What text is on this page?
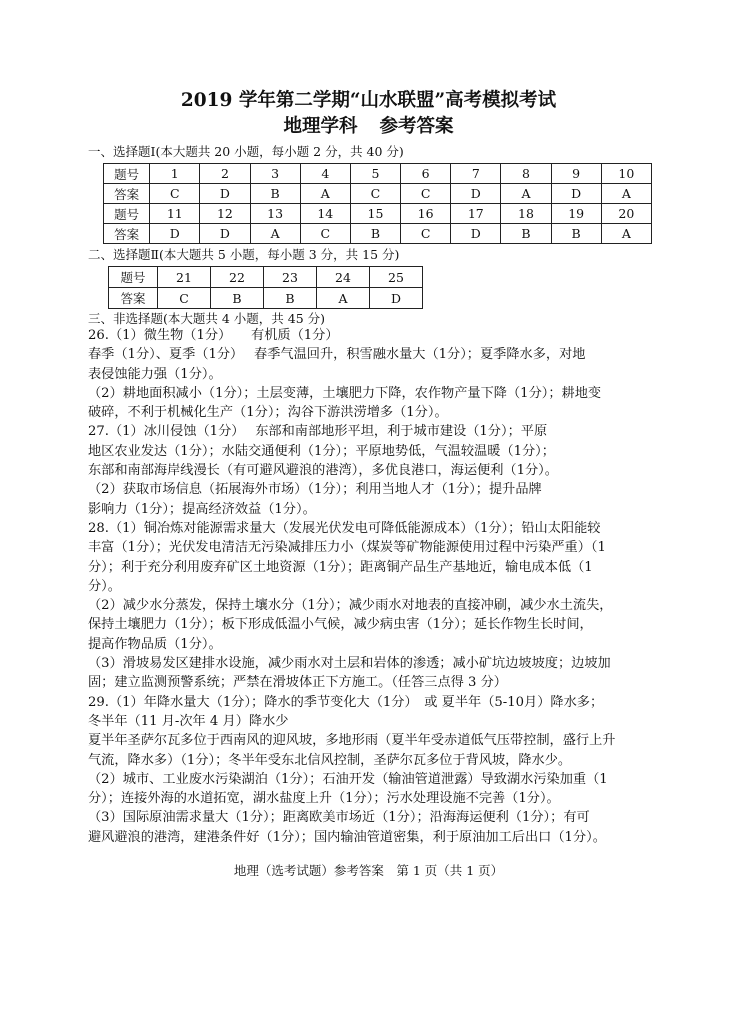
2019 学年第二学期“山水联盟”高考模拟考试
地理学科 参考答案
一、选择题Ⅰ(本大题共 20 小题，每小题 2 分，共 40 分)
题号	1	2	3	4	5	6	7	8	9	10
答案	C	D	B	A	C	C	D	A	D	A
题号	11	12	13	14	15	16	17	18	19	20
答案	D	D	A	C	B	C	D	B	B	A
二、选择题Ⅱ(本大题共 5 小题，每小题 3 分，共 15 分)
题号	21	22	23	24	25
答案	C	B	B	A	D
三、非选择题(本大题共 4 小题，共 45 分)

26.（1）微生物（1分）　　有机质（1分）

春季（1分）、夏季（1分）　 春季气温回升，积雪融水量大（1分）；夏季降水多，对地

表侵蚀能力强（1分）。

（2）耕地面积减小（1分）；土层变薄，土壤肥力下降，农作物产量下降（1分）；耕地变

破碎，不利于机械化生产（1分）；沟谷下游洪涝增多（1分）。

27.（1）冰川侵蚀（1分）　 东部和南部地形平坦，利于城市建设（1分）；平原

地区农业发达（1分）；水陆交通便利（1分）；平原地势低，气温较温暖（1分）；

东部和南部海岸线漫长（有可避风避浪的港湾），多优良港口，海运便利（1分）。

（2）获取市场信息（拓展海外市场）（1分）；利用当地人才（1分）；提升品牌

影响力（1分）；提高经济效益（1分）。

28.（1）铜冶炼对能源需求量大（发展光伏发电可降低能源成本）（1分）；铅山太阳能较

丰富（1分）；光伏发电清洁无污染减排压力小（煤炭等矿物能源使用过程中污染严重）（1

分）；利于充分利用废弃矿区土地资源（1分）；距离铜产品生产基地近，输电成本低（1

分）。

（2）减少水分蒸发，保持土壤水分（1分）；减少雨水对地表的直接冲刷，减少水土流失，

保持土壤肥力（1分）；板下形成低温小气候，减少病虫害（1分）；延长作物生长时间，

提高作物品质（1分）。

（3）滑坡易发区建排水设施，减少雨水对土层和岩体的渗透；减小矿坑边坡坡度；边坡加

固；建立监测预警系统；严禁在滑坡体正下方施工。（任答三点得 3 分）

29.（1）年降水量大（1分）；降水的季节变化大（1分）　或 夏半年（5-10月）降水多；

冬半年（11 月-次年 4 月）降水少

夏半年圣萨尔瓦多位于西南风的迎风坡，多地形雨（夏半年受赤道低气压带控制，盛行上升

气流，降水多）（1分）；冬半年受东北信风控制，圣萨尔瓦多位于背风坡，降水少。

（2）城市、工业废水污染湖泊（1分）；石油开发（输油管道泄露）导致湖水污染加重（1

分）；连接外海的水道拓宽，湖水盐度上升（1分）；污水处理设施不完善（1分）。

（3）国际原油需求量大（1分）；距离欧美市场近（1分）；沿海海运便利（1分）；有可

避风避浪的港湾，建港条件好（1分）；国内输油管道密集，利于原油加工后出口（1分）。

地理（选考试题）参考答案　第 1 页（共 1 页）
